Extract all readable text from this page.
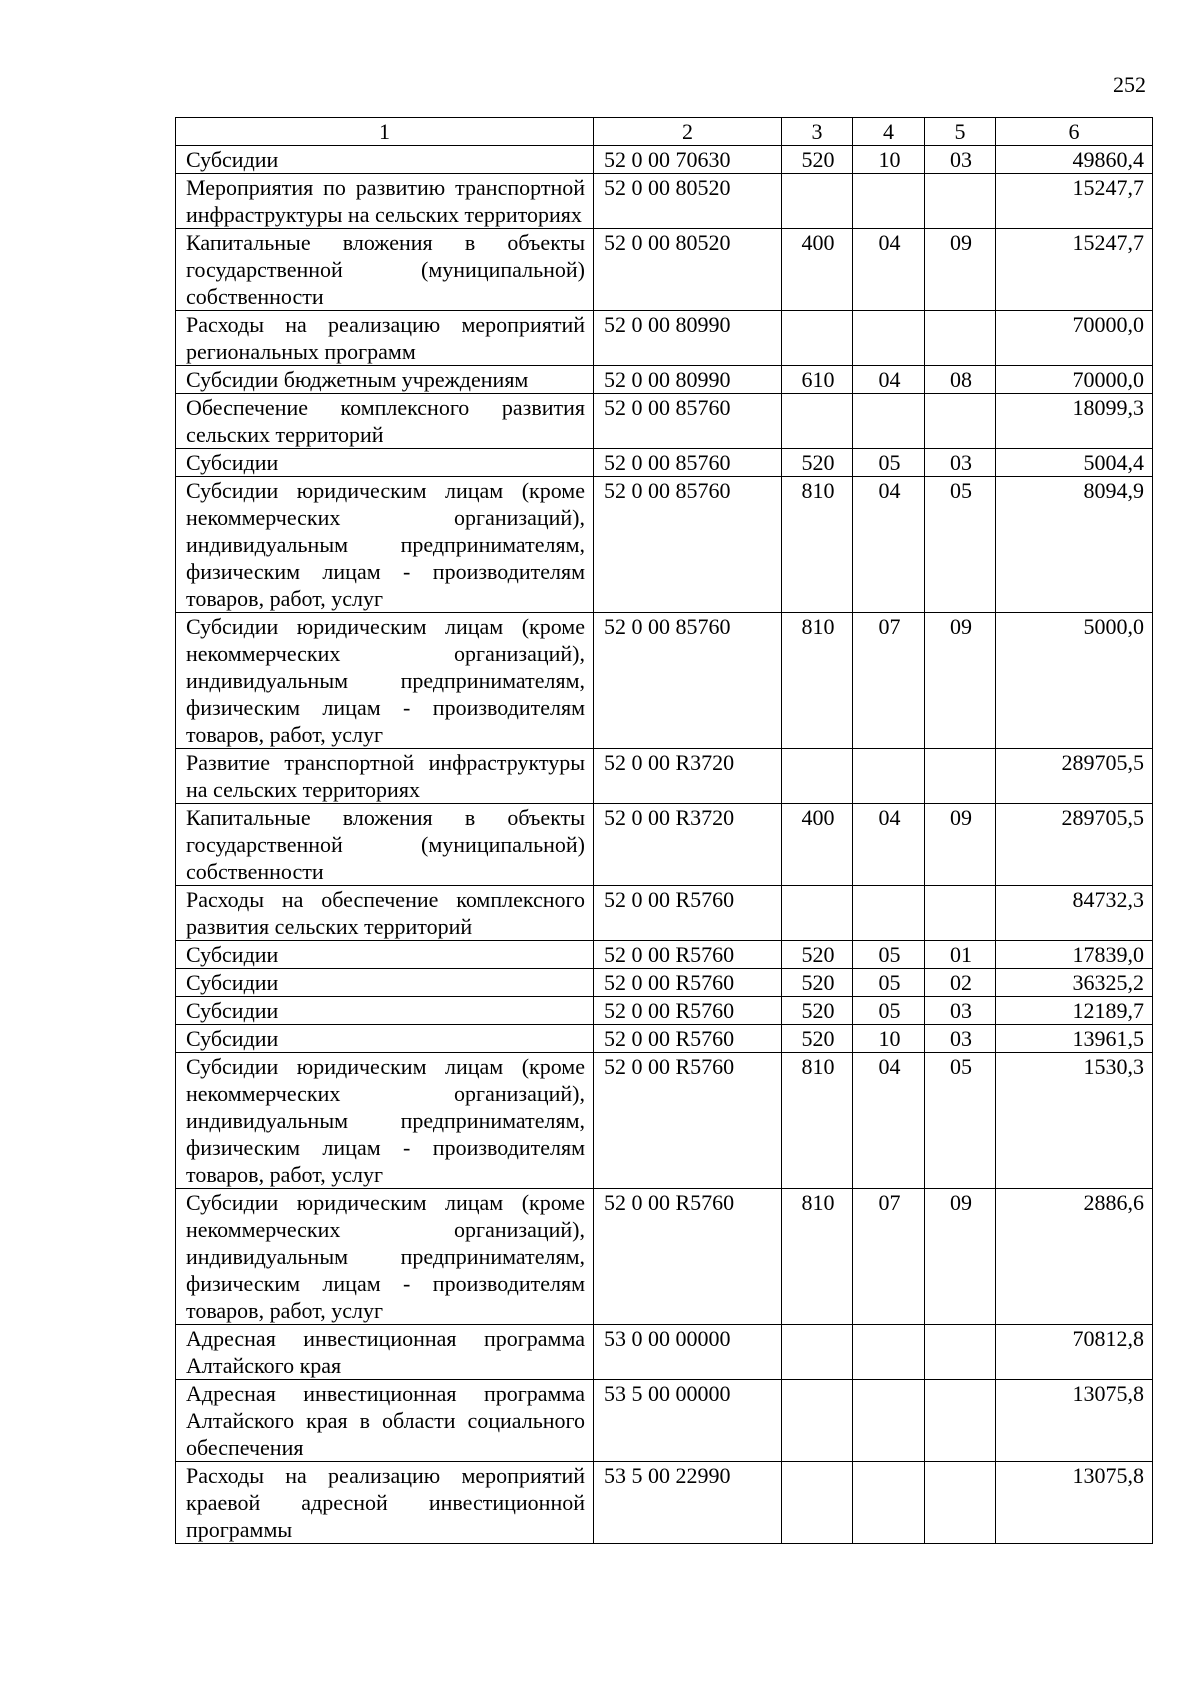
252
1	2	3	4	5	6
Субсидии	52 0 00 70630	520	10	03	49860,4
Мероприятия по развитию транспортной инфраструктуры на сельских территориях	52 0 00 80520				15247,7
Капитальные вложения в объекты государственной (муниципальной) собственности	52 0 00 80520	400	04	09	15247,7
Расходы на реализацию мероприятий региональных программ	52 0 00 80990				70000,0
Субсидии бюджетным учреждениям	52 0 00 80990	610	04	08	70000,0
Обеспечение комплексного развития сельских территорий	52 0 00 85760				18099,3
Субсидии	52 0 00 85760	520	05	03	5004,4
Субсидии юридическим лицам (кроме некоммерческих организаций), индивидуальным предпринимателям, физическим лицам - производителям товаров, работ, услуг	52 0 00 85760	810	04	05	8094,9
Субсидии юридическим лицам (кроме некоммерческих организаций), индивидуальным предпринимателям, физическим лицам - производителям товаров, работ, услуг	52 0 00 85760	810	07	09	5000,0
Развитие транспортной инфраструктуры на сельских территориях	52 0 00 R3720				289705,5
Капитальные вложения в объекты государственной (муниципальной) собственности	52 0 00 R3720	400	04	09	289705,5
Расходы на обеспечение комплексного развития сельских территорий	52 0 00 R5760				84732,3
Субсидии	52 0 00 R5760	520	05	01	17839,0
Субсидии	52 0 00 R5760	520	05	02	36325,2
Субсидии	52 0 00 R5760	520	05	03	12189,7
Субсидии	52 0 00 R5760	520	10	03	13961,5
Субсидии юридическим лицам (кроме некоммерческих организаций), индивидуальным предпринимателям, физическим лицам - производителям товаров, работ, услуг	52 0 00 R5760	810	04	05	1530,3
Субсидии юридическим лицам (кроме некоммерческих организаций), индивидуальным предпринимателям, физическим лицам - производителям товаров, работ, услуг	52 0 00 R5760	810	07	09	2886,6
Адресная инвестиционная программа Алтайского края	53 0 00 00000				70812,8
Адресная инвестиционная программа Алтайского края в области социального обеспечения	53 5 00 00000				13075,8
Расходы на реализацию мероприятий краевой адресной инвестиционной программы	53 5 00 22990				13075,8
